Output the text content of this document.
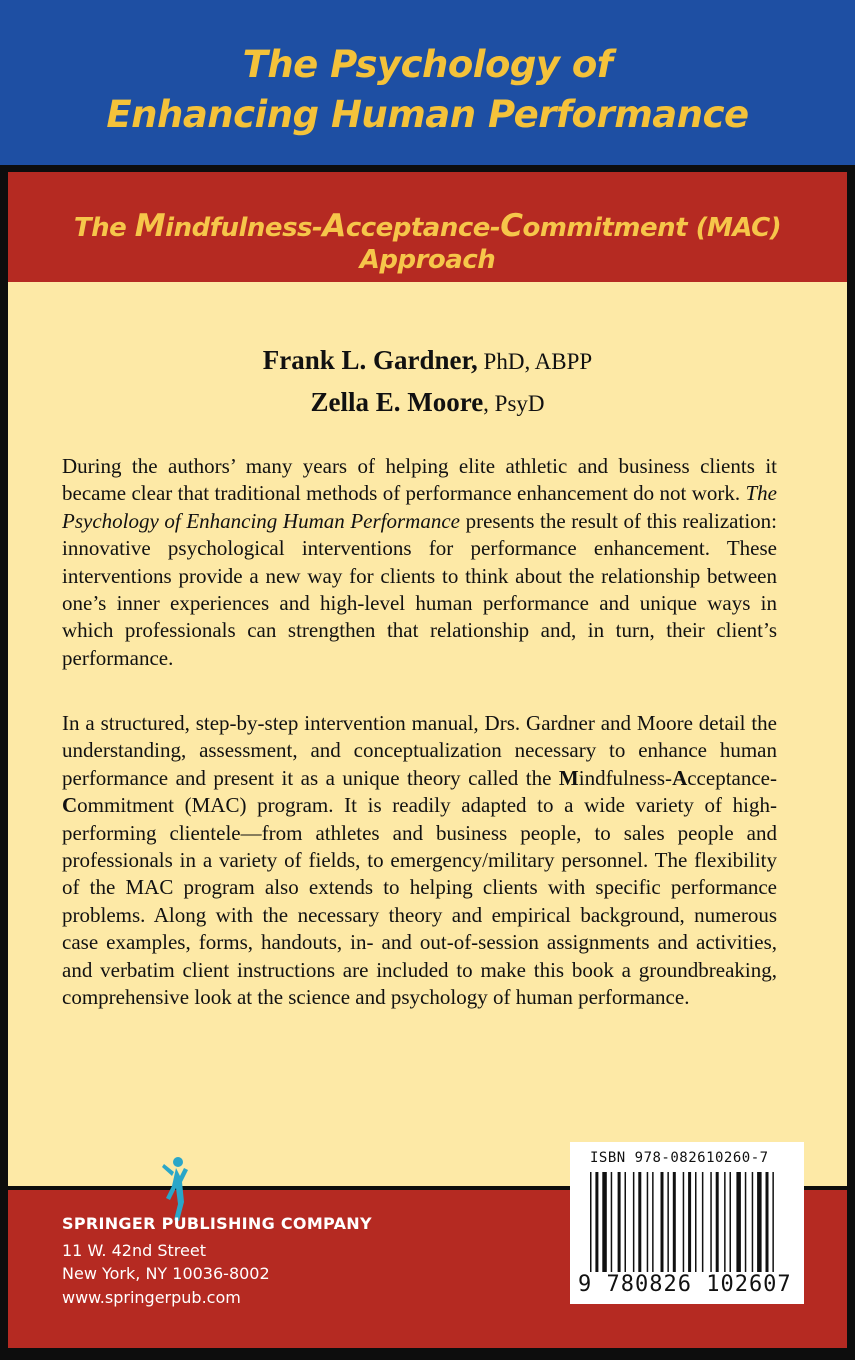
The Psychology of
Enhancing Human Performance
The Mindfulness-Acceptance-Commitment (MAC) Approach
Frank L. Gardner, PhD, ABPP
Zella E. Moore, PsyD

During the authors’ many years of helping elite athletic and business clients it became clear that traditional methods of performance enhancement do not work. The Psychology of Enhancing Human Performance presents the result of this realization: innovative psychological interventions for performance enhancement. These interventions provide a new way for clients to think about the relationship between one’s inner experiences and high-level human performance and unique ways in which professionals can strengthen that relationship and, in turn, their client’s performance.

In a structured, step-by-step intervention manual, Drs. Gardner and Moore detail the understanding, assessment, and conceptualization necessary to enhance human performance and present it as a unique theory called the Mindfulness-Acceptance-Commitment (MAC) program. It is readily adapted to a wide variety of high-performing clientele—from athletes and business people, to sales people and professionals in a variety of fields, to emergency/military personnel. The flexibility of the MAC program also extends to helping clients with specific performance problems. Along with the necessary theory and empirical background, numerous case examples, forms, handouts, in- and out-of-session assignments and activities, and verbatim client instructions are included to make this book a groundbreaking, comprehensive look at the science and psychology of human performance.

ISBN 978-082610260-7
9 780826 102607

SPRINGER PUBLISHING COMPANY

11 W. 42nd Street

New York, NY 10036-8002

www.springerpub.com
